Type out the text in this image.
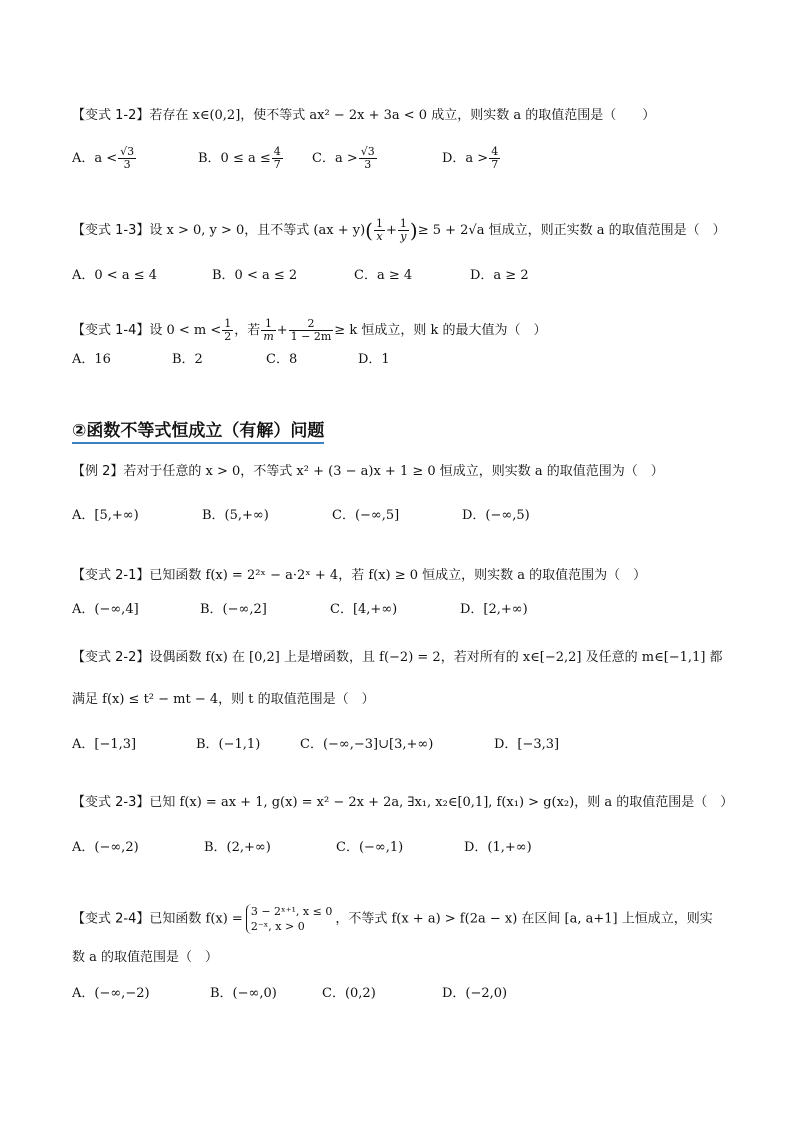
【变式 1-2】若存在 x∈(0,2]，使不等式 ax² − 2x + 3a < 0 成立，则实数 a 的取值范围是（　　）
A．$a < \frac{√3}{3}$	B．$0 \le a \le \frac{4}{7}$ C．$a > \frac{√3}{3}$	D．$a > \frac{4}{7}$
【变式 1-3】设 x > 0, y > 0，且不等式 $(ax + y)( \frac{1}{x} + \frac{1}{y}$ )≥ 5 + 2√a 恒成立，则正实数 a 的取值范围是（　）
A．0 < a ≤ 4	B．0 < a ≤ 2	C．a ≥ 4	D．a ≥ 2
【变式 1-4】设 $0 < m < \frac{1}{2}$ ，若 $\frac{1}{m} + \frac{2}{1 - 2m} \ge k$ 恒成立，则 k 的最大值为（　）
A．16	B．2	C．8	D．1
②函数不等式恒成立（有解）问题
【例 2】若对于任意的 x > 0，不等式 x² + (3 − a)x + 1 ≥ 0 恒成立，则实数 a 的取值范围为（　）
A．[5,+∞)	B．(5,+∞)	C．(−∞,5]	D．(−∞,5)
【变式 2-1】已知函数 f(x) = 2²ˣ − a·2ˣ + 4，若 f(x) ≥ 0 恒成立，则实数 a 的取值范围为（　）
A．(−∞,4]	B．(−∞,2]	C．[4,+∞)	D．[2,+∞)
【变式 2-2】设偶函数 f(x) 在 [0,2] 上是增函数，且 f(−2) = 2，若对所有的 x∈[−2,2] 及任意的 m∈[−1,1] 都
满足 f(x) ≤ t² − mt − 4，则 t 的取值范围是（　）
A．[−1,3]	B．(−1,1)	C．(−∞,−3]∪[3,+∞)	D．[−3,3]
【变式 2-3】已知 f(x) = ax + 1, g(x) = x² − 2x + 2a, ∃x₁, x₂∈[0,1], f(x₁) > g(x₂)，则 a 的取值范围是（　）
A．(−∞,2)	B．(2,+∞)	C．(−∞,1)	D．(1,+∞)
【变式 2-4】已知函数 f(x) = 3 − 2ˣ⁺¹, x ≤ 0
2⁻ˣ, x > 0	，不等式 f(x + a) > f(2a − x) 在区间 [a, a+1] 上恒成立，则实
数 a 的取值范围是（　）
A．(−∞,−2)	B．(−∞,0)	C．(0,2)	D．(−2,0)
